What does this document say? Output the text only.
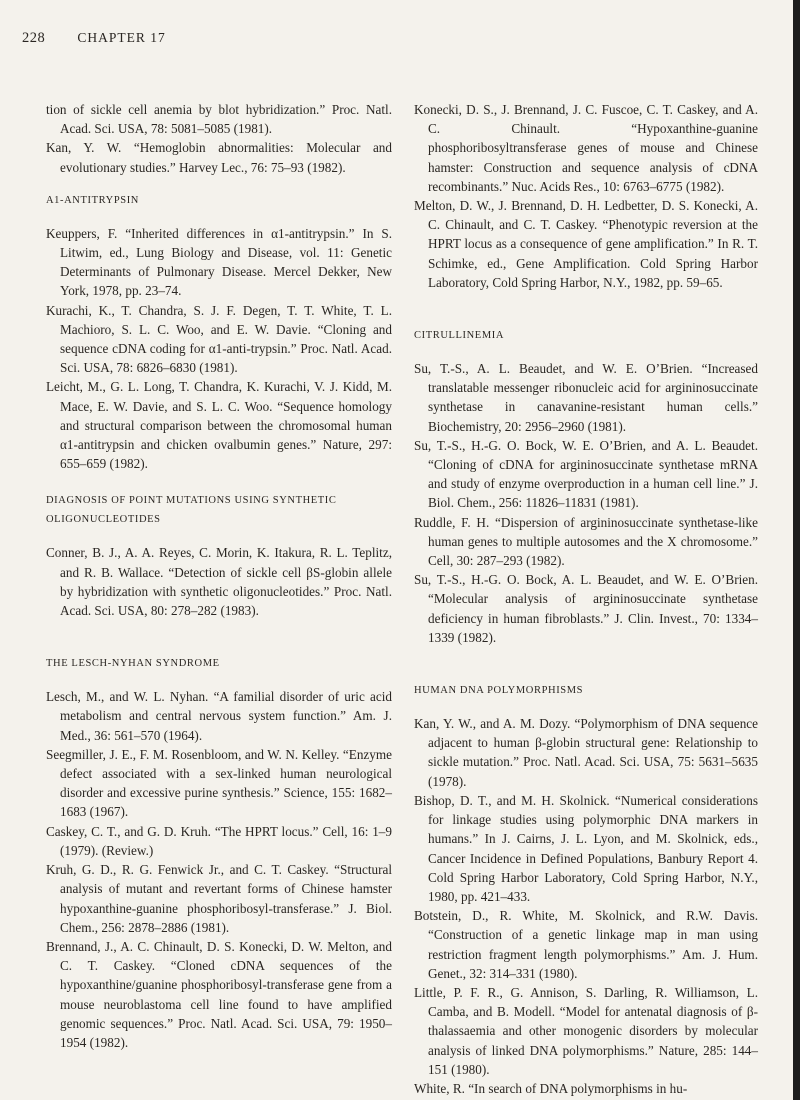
228 CHAPTER 17

tion of sickle cell anemia by blot hybridization.” Proc. Natl. Acad. Sci. USA, 78: 5081–5085 (1981).

Kan, Y. W. “Hemoglobin abnormalities: Molecular and evolutionary studies.” Harvey Lec., 76: 75–93 (1982).

Α1-ANTITRYPSIN

Keuppers, F. “Inherited differences in α1-antitrypsin.” In S. Litwim, ed., Lung Biology and Disease, vol. 11: Genetic Determinants of Pulmonary Disease. Mercel Dekker, New York, 1978, pp. 23–74.

Kurachi, K., T. Chandra, S. J. F. Degen, T. T. White, T. L. Machioro, S. L. C. Woo, and E. W. Davie. “Cloning and sequence cDNA coding for α1-anti-trypsin.” Proc. Natl. Acad. Sci. USA, 78: 6826–6830 (1981).

Leicht, M., G. L. Long, T. Chandra, K. Kurachi, V. J. Kidd, M. Mace, E. W. Davie, and S. L. C. Woo. “Sequence homology and structural comparison between the chromosomal human α1-antitrypsin and chicken ovalbumin genes.” Nature, 297: 655–659 (1982).

DIAGNOSIS OF POINT MUTATIONS USING SYNTHETIC OLIGONUCLEOTIDES

Conner, B. J., A. A. Reyes, C. Morin, K. Itakura, R. L. Teplitz, and R. B. Wallace. “Detection of sickle cell βS-globin allele by hybridization with synthetic oligonucleotides.” Proc. Natl. Acad. Sci. USA, 80: 278–282 (1983).

THE LESCH-NYHAN SYNDROME

Lesch, M., and W. L. Nyhan. “A familial disorder of uric acid metabolism and central nervous system function.” Am. J. Med., 36: 561–570 (1964).

Seegmiller, J. E., F. M. Rosenbloom, and W. N. Kelley. “Enzyme defect associated with a sex-linked human neurological disorder and excessive purine synthesis.” Science, 155: 1682–1683 (1967).

Caskey, C. T., and G. D. Kruh. “The HPRT locus.” Cell, 16: 1–9 (1979). (Review.)

Kruh, G. D., R. G. Fenwick Jr., and C. T. Caskey. “Structural analysis of mutant and revertant forms of Chinese hamster hypoxanthine-guanine phosphoribosyl-transferase.” J. Biol. Chem., 256: 2878–2886 (1981).

Brennand, J., A. C. Chinault, D. S. Konecki, D. W. Melton, and C. T. Caskey. “Cloned cDNA sequences of the hypoxanthine/guanine phosphoribosyl-transferase gene from a mouse neuroblastoma cell line found to have amplified genomic sequences.” Proc. Natl. Acad. Sci. USA, 79: 1950–1954 (1982).

Konecki, D. S., J. Brennand, J. C. Fuscoe, C. T. Caskey, and A. C. Chinault. “Hypoxanthine-guanine phosphoribosyltransferase genes of mouse and Chinese hamster: Construction and sequence analysis of cDNA recombinants.” Nuc. Acids Res., 10: 6763–6775 (1982).

Melton, D. W., J. Brennand, D. H. Ledbetter, D. S. Konecki, A. C. Chinault, and C. T. Caskey. “Phenotypic reversion at the HPRT locus as a consequence of gene amplification.” In R. T. Schimke, ed., Gene Amplification. Cold Spring Harbor Laboratory, Cold Spring Harbor, N.Y., 1982, pp. 59–65.

CITRULLINEMIA

Su, T.-S., A. L. Beaudet, and W. E. O’Brien. “Increased translatable messenger ribonucleic acid for argininosuccinate synthetase in canavanine-resistant human cells.” Biochemistry, 20: 2956–2960 (1981).

Su, T.-S., H.-G. O. Bock, W. E. O’Brien, and A. L. Beaudet. “Cloning of cDNA for argininosuccinate synthetase mRNA and study of enzyme overproduction in a human cell line.” J. Biol. Chem., 256: 11826–11831 (1981).

Ruddle, F. H. “Dispersion of argininosuccinate synthetase-like human genes to multiple autosomes and the X chromosome.” Cell, 30: 287–293 (1982).

Su, T.-S., H.-G. O. Bock, A. L. Beaudet, and W. E. O’Brien. “Molecular analysis of argininosuccinate synthetase deficiency in human fibroblasts.” J. Clin. Invest., 70: 1334–1339 (1982).

HUMAN DNA POLYMORPHISMS

Kan, Y. W., and A. M. Dozy. “Polymorphism of DNA sequence adjacent to human β-globin structural gene: Relationship to sickle mutation.” Proc. Natl. Acad. Sci. USA, 75: 5631–5635 (1978).

Bishop, D. T., and M. H. Skolnick. “Numerical considerations for linkage studies using polymorphic DNA markers in humans.” In J. Cairns, J. L. Lyon, and M. Skolnick, eds., Cancer Incidence in Defined Populations, Banbury Report 4. Cold Spring Harbor Laboratory, Cold Spring Harbor, N.Y., 1980, pp. 421–433.

Botstein, D., R. White, M. Skolnick, and R.W. Davis. “Construction of a genetic linkage map in man using restriction fragment length polymorphisms.” Am. J. Hum. Genet., 32: 314–331 (1980).

Little, P. F. R., G. Annison, S. Darling, R. Williamson, L. Camba, and B. Modell. “Model for antenatal diagnosis of β-thalassaemia and other monogenic disorders by molecular analysis of linked DNA polymorphisms.” Nature, 285: 144–151 (1980).

White, R. “In search of DNA polymorphisms in hu-
